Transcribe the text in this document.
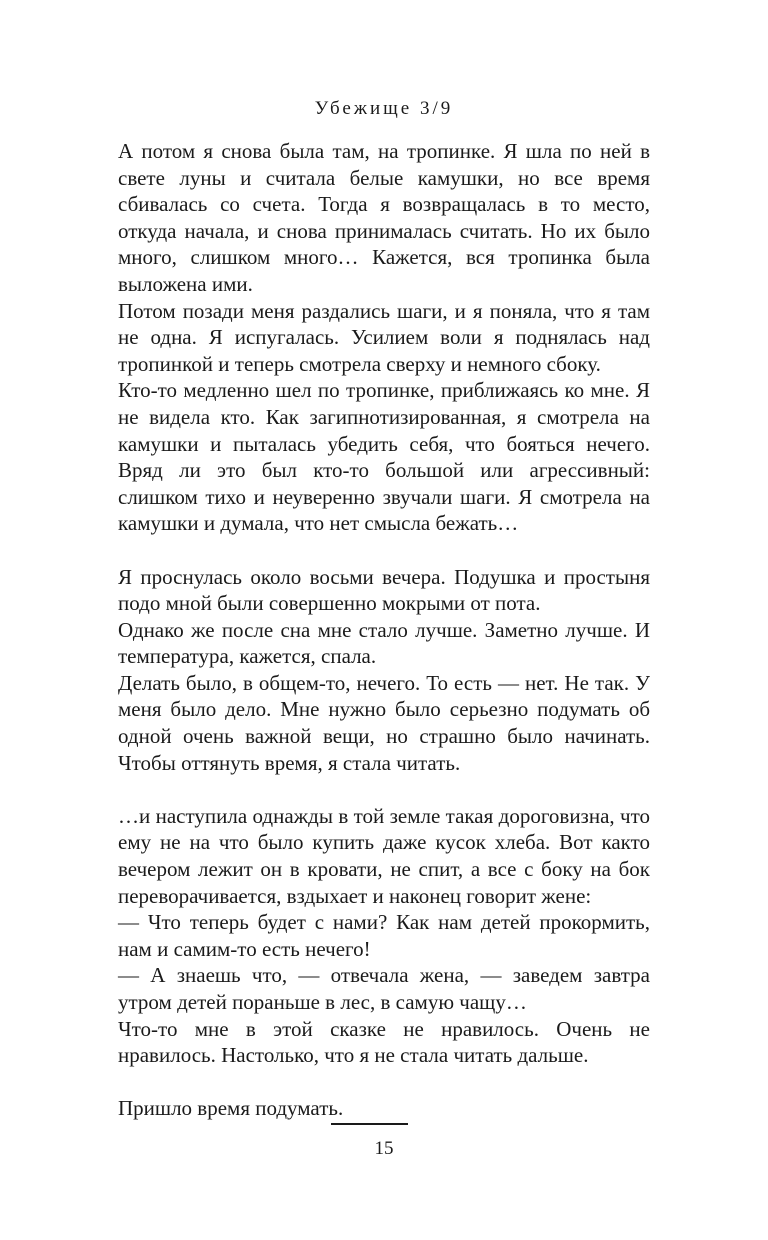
Убежище 3/9

А потом я снова была там, на тропинке. Я шла по ней в свете луны и считала белые камушки, но все время сбивалась со счета. Тогда я возвращалась в то место, откуда начала, и снова принималась считать. Но их было много, слишком много… Кажется, вся тропинка была выложена ими.

Потом позади меня раздались шаги, и я поняла, что я там не одна. Я испугалась. Усилием воли я поднялась над тропинкой и теперь смотрела сверху и немного сбоку.

Кто-то медленно шел по тропинке, приближаясь ко мне. Я не видела кто. Как загипнотизированная, я смотрела на камушки и пыталась убедить себя, что бояться нечего. Вряд ли это был кто-то большой или агрессивный: слишком тихо и неуверенно звучали шаги. Я смотрела на камушки и думала, что нет смысла бежать…

Я проснулась около восьми вечера. Подушка и простыня подо мной были совершенно мокрыми от пота.

Однако же после сна мне стало лучше. Заметно лучше. И температура, кажется, спала.

Делать было, в общем-то, нечего. То есть — нет. Не так. У меня было дело. Мне нужно было серьезно подумать об одной очень важной вещи, но страшно было начинать. Чтобы оттянуть время, я стала читать.

…и наступила однажды в той земле такая дороговизна, что ему не на что было купить даже кусок хлеба. Вот както вечером лежит он в кровати, не спит, а все с боку на бок переворачивается, вздыхает и наконец говорит жене:

— Что теперь будет с нами? Как нам детей прокормить, нам и самим-то есть нечего!

— А знаешь что, — отвечала жена, — заведем завтра утром детей пораньше в лес, в самую чащу…

Что-то мне в этой сказке не нравилось. Очень не нравилось. Настолько, что я не стала читать дальше.

Пришло время подумать.

15
